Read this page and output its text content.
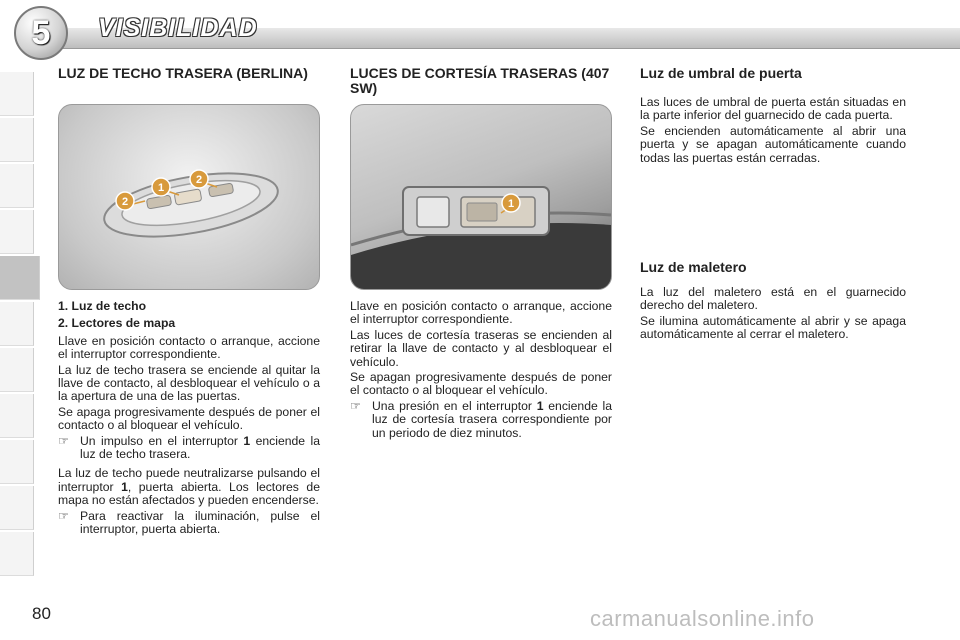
5 VISIBILIDAD
LUZ DE TECHO TRASERA (BERLINA)
2
1
2
1. Luz de techo
2. Lectores de mapa

Llave en posición contacto o arranque, accione el interruptor correspondiente.

La luz de techo trasera se enciende al quitar la llave de contacto, al desbloquear el vehículo o a la apertura de una de las puertas.

Se apaga progresivamente después de poner el contacto o al bloquear el vehículo.

☞ Un impulso en el interruptor 1 enciende la luz de techo trasera.

La luz de techo puede neutralizarse pulsando el interruptor 1, puerta abierta. Los lectores de mapa no están afectados y pueden encenderse.

☞ Para reactivar la iluminación, pulse el interruptor, puerta abierta.
LUCES DE CORTESÍA TRASERAS (407 SW)
1

Llave en posición contacto o arranque, accione el interruptor correspondiente.

Las luces de cortesía traseras se encienden al retirar la llave de contacto y al desbloquear el vehículo.

Se apagan progresivamente después de poner el contacto o al bloquear el vehículo.

☞ Una presión en el interruptor 1 enciende la luz de cortesía trasera correspondiente por un periodo de diez minutos.
Luz de umbral de puerta

Las luces de umbral de puerta están situadas en la parte inferior del guarnecido de cada puerta.

Se encienden automáticamente al abrir una puerta y se apagan automáticamente cuando todas las puertas están cerradas.

Luz de maletero

La luz del maletero está en el guarnecido derecho del maletero.

Se ilumina automáticamente al abrir y se apaga automáticamente al cerrar el maletero.

80	carmanualsonline.info
